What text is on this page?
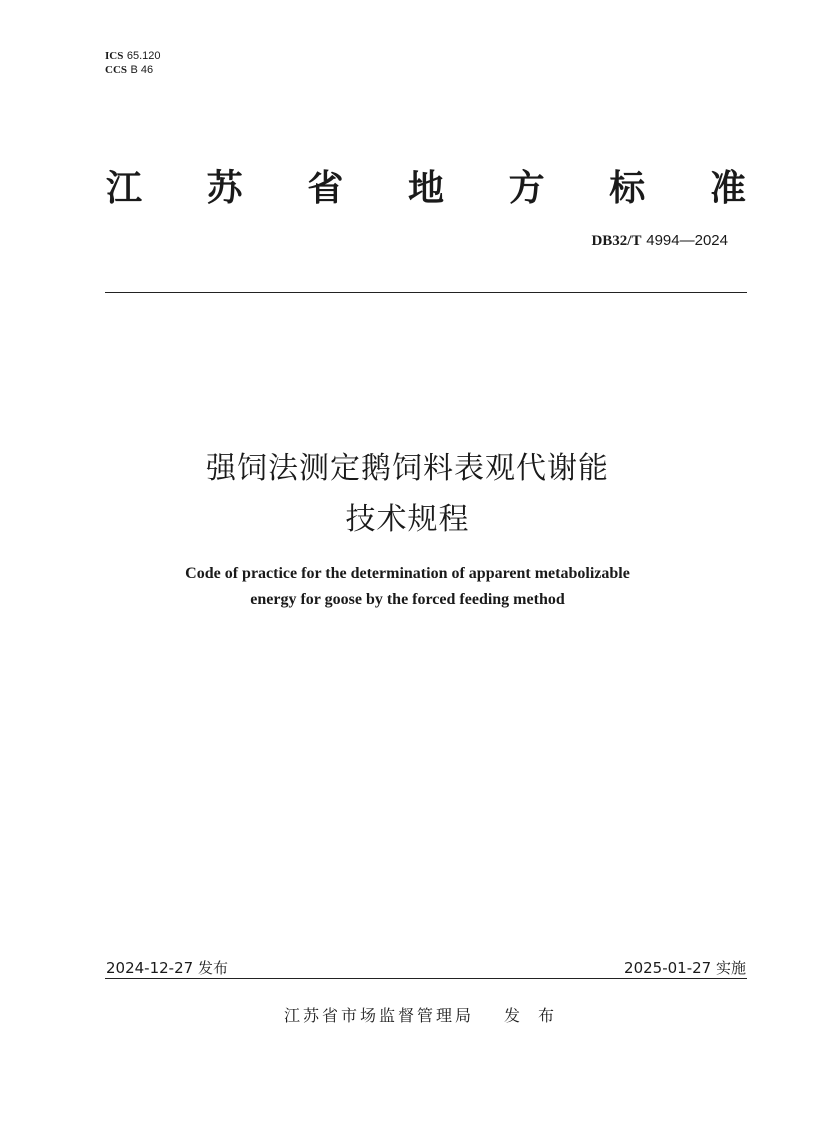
ICS 65.120
CCS B 46
江 苏 省 地 方 标 准
DB32/T 4994—2024
强饲法测定鹅饲料表观代谢能
技术规程
Code of practice for the determination of apparent metabolizable
energy for goose by the forced feeding method
2024-12-27 发布	2025-01-27 实施
江苏省市场监督管理局 发布
